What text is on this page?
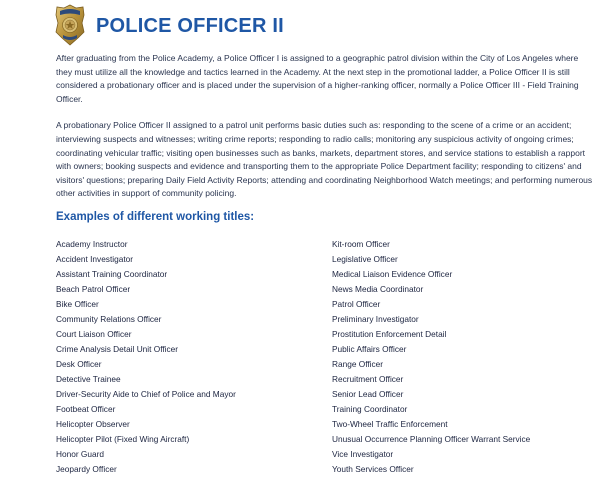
POLICE OFFICER II

After graduating from the Police Academy, a Police Officer I is assigned to a geographic patrol division within the City of Los Angeles where they must utilize all the knowledge and tactics learned in the Academy. At the next step in the promotional ladder, a Police Officer II is still considered a probationary officer and is placed under the supervision of a higher-ranking officer, normally a Police Officer III - Field Training Officer.

A probationary Police Officer II assigned to a patrol unit performs basic duties such as: responding to the scene of a crime or an accident; interviewing suspects and witnesses; writing crime reports; responding to radio calls; monitoring any suspicious activity of ongoing crimes; coordinating vehicular traffic; visiting open businesses such as banks, markets, department stores, and service stations to establish a rapport with owners; booking suspects and evidence and transporting them to the appropriate Police Department facility; responding to citizens' and visitors' questions; preparing Daily Field Activity Reports; attending and coordinating Neighborhood Watch meetings; and performing numerous other activities in support of community policing.

Examples of different working titles:
Academy Instructor
Accident Investigator
Assistant Training Coordinator
Beach Patrol Officer
Bike Officer
Community Relations Officer
Court Liaison Officer
Crime Analysis Detail Unit Officer
Desk Officer
Detective Trainee
Driver-Security Aide to Chief of Police and Mayor
Footbeat Officer
Helicopter Observer
Helicopter Pilot (Fixed Wing Aircraft)
Honor Guard
Jeopardy Officer
Kit-room Officer
Legislative Officer
Medical Liaison Evidence Officer
News Media Coordinator
Patrol Officer
Preliminary Investigator
Prostitution Enforcement Detail
Public Affairs Officer
Range Officer
Recruitment Officer
Senior Lead Officer
Training Coordinator
Two-Wheel Traffic Enforcement
Unusual Occurrence Planning Officer Warrant Service
Vice Investigator
Youth Services Officer
